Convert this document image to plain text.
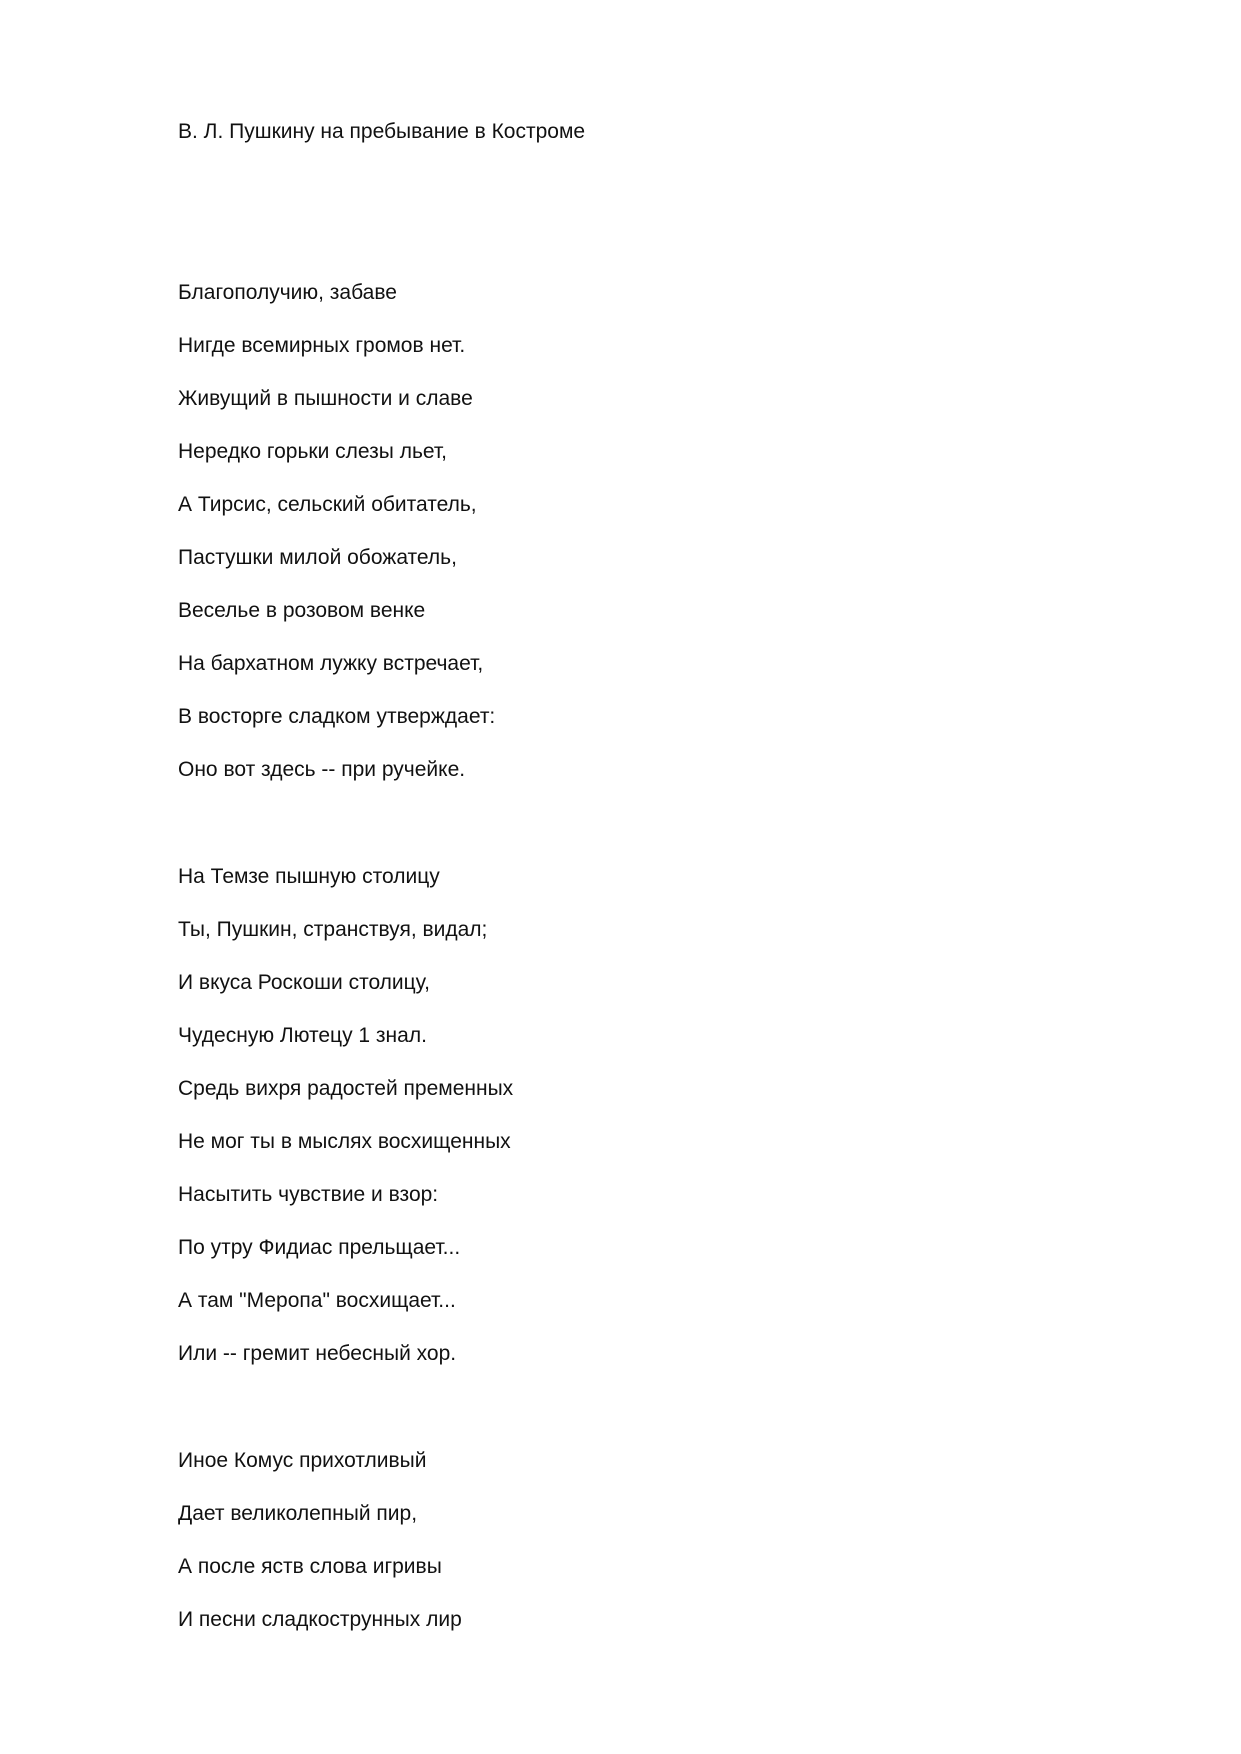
В. Л. Пушкину на пребывание в Костроме
Благополучию, забаве
Нигде всемирных громов нет.
Живущий в пышности и славе
Нередко горьки слезы льет,
А Тирсис, сельский обитатель,
Пастушки милой обожатель,
Веселье в розовом венке
На бархатном лужку встречает,
В восторге сладком утверждает:
Оно вот здесь -- при ручейке.
На Темзе пышную столицу
Ты, Пушкин, странствуя, видал;
И вкуса Роскоши столицу,
Чудесную Лютецу 1 знал.
Средь вихря радостей пременных
Не мог ты в мыслях восхищенных
Насытить чувствие и взор:
По утру Фидиас прельщает...
А там "Меропа" восхищает...
Или -- гремит небесный хор.
Иное Комус прихотливый
Дает великолепный пир,
А после яств слова игривы
И песни сладкострунных лир
